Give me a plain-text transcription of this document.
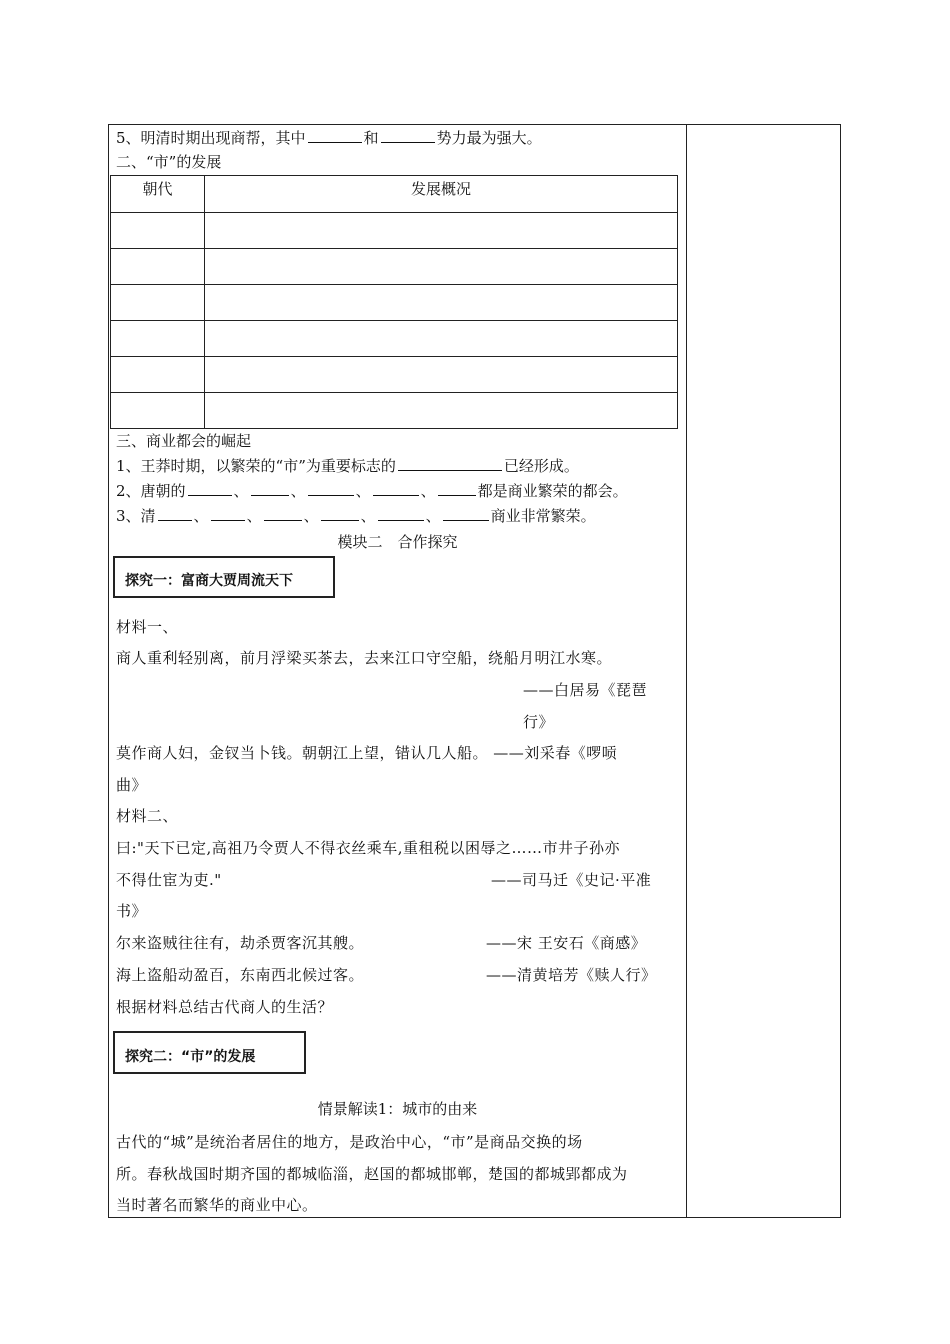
5、明清时期出现商帮，其中	和	势力最为强大。
二、“市”的发展
朝代	发展概况

三、商业都会的崛起
1、王莽时期，以繁荣的“市”为重要标志的	已经形成。
2、唐朝的	、	、	、	、	都是商业繁荣的都会。
3、清	、	、	、	、	、	商业非常繁荣。
模块二　合作探究
探究一：富商大贾周流天下
材料一、
商人重利轻别离，前月浮梁买茶去，去来江口守空船，绕船月明江水寒。
——白居易《琵琶
行》
莫作商人妇，金钗当卜钱。朝朝江上望，错认几人船。 ——刘采春《啰唝
曲》
材料二、
曰:"天下已定,高祖乃令贾人不得衣丝乘车,重租税以困辱之……市井子孙亦
不得仕宦为吏."	——司马迁《史记·平准
书》
尔来盗贼往往有，劫杀贾客沉其艘。	——宋 王安石《商感》
海上盗船动盈百，东南西北候过客。	——清黄培芳《赎人行》
根据材料总结古代商人的生活？
探究二：“市”的发展
情景解读1：城市的由来
古代的“城”是统治者居住的地方，是政治中心，“市”是商品交换的场
所。春秋战国时期齐国的都城临淄，赵国的都城邯郸，楚国的都城郢都成为
当时著名而繁华的商业中心。
